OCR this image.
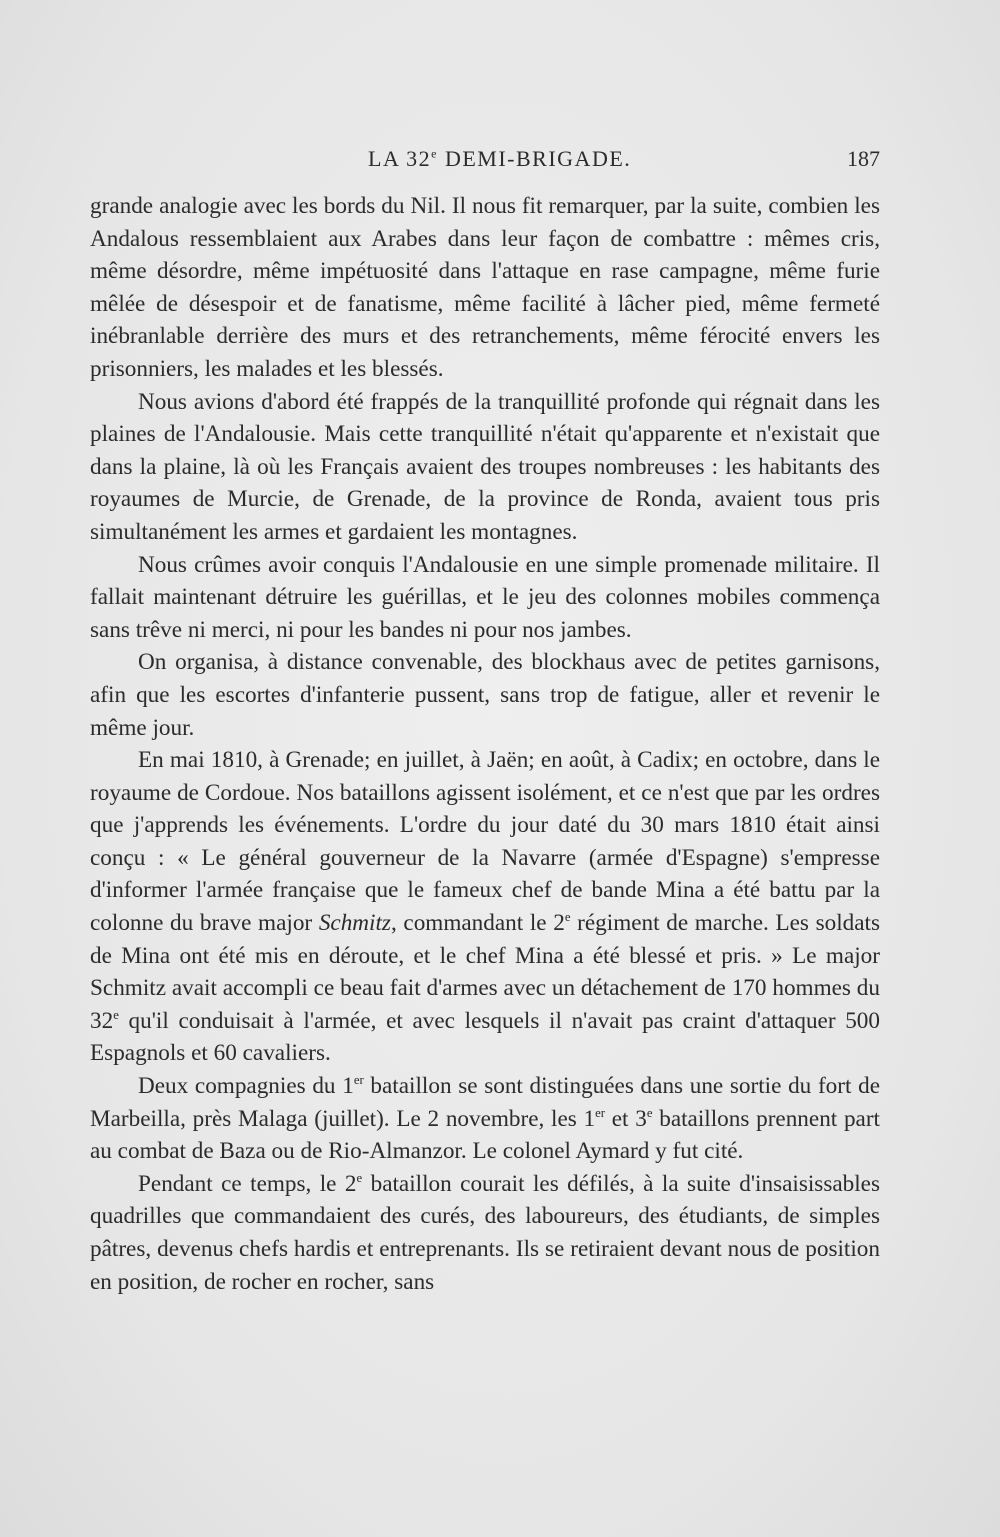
LA 32e DEMI-BRIGADE.	187

grande analogie avec les bords du Nil. Il nous fit remarquer, par la suite, combien les Andalous ressemblaient aux Arabes dans leur façon de combattre : mêmes cris, même désordre, même impétuosité dans l'attaque en rase campagne, même furie mêlée de désespoir et de fanatisme, même facilité à lâcher pied, même fermeté inébranlable derrière des murs et des retranchements, même férocité envers les prisonniers, les malades et les blessés.

Nous avions d'abord été frappés de la tranquillité profonde qui régnait dans les plaines de l'Andalousie. Mais cette tranquillité n'était qu'apparente et n'existait que dans la plaine, là où les Français avaient des troupes nombreuses : les habitants des royaumes de Murcie, de Grenade, de la province de Ronda, avaient tous pris simultanément les armes et gardaient les montagnes.

Nous crûmes avoir conquis l'Andalousie en une simple promenade militaire. Il fallait maintenant détruire les guérillas, et le jeu des colonnes mobiles commença sans trêve ni merci, ni pour les bandes ni pour nos jambes.

On organisa, à distance convenable, des blockhaus avec de petites garnisons, afin que les escortes d'infanterie pussent, sans trop de fatigue, aller et revenir le même jour.

En mai 1810, à Grenade; en juillet, à Jaën; en août, à Cadix; en octobre, dans le royaume de Cordoue. Nos bataillons agissent isolément, et ce n'est que par les ordres que j'apprends les événements. L'ordre du jour daté du 30 mars 1810 était ainsi conçu : « Le général gouverneur de la Navarre (armée d'Espagne) s'empresse d'informer l'armée française que le fameux chef de bande Mina a été battu par la colonne du brave major Schmitz, commandant le 2e régiment de marche. Les soldats de Mina ont été mis en déroute, et le chef Mina a été blessé et pris. » Le major Schmitz avait accompli ce beau fait d'armes avec un détachement de 170 hommes du 32e qu'il conduisait à l'armée, et avec lesquels il n'avait pas craint d'attaquer 500 Espagnols et 60 cavaliers.

Deux compagnies du 1er bataillon se sont distinguées dans une sortie du fort de Marbeilla, près Malaga (juillet). Le 2 novembre, les 1er et 3e bataillons prennent part au combat de Baza ou de Rio-Almanzor. Le colonel Aymard y fut cité.

Pendant ce temps, le 2e bataillon courait les défilés, à la suite d'insaisissables quadrilles que commandaient des curés, des laboureurs, des étudiants, de simples pâtres, devenus chefs hardis et entreprenants. Ils se retiraient devant nous de position en position, de rocher en rocher, sans
